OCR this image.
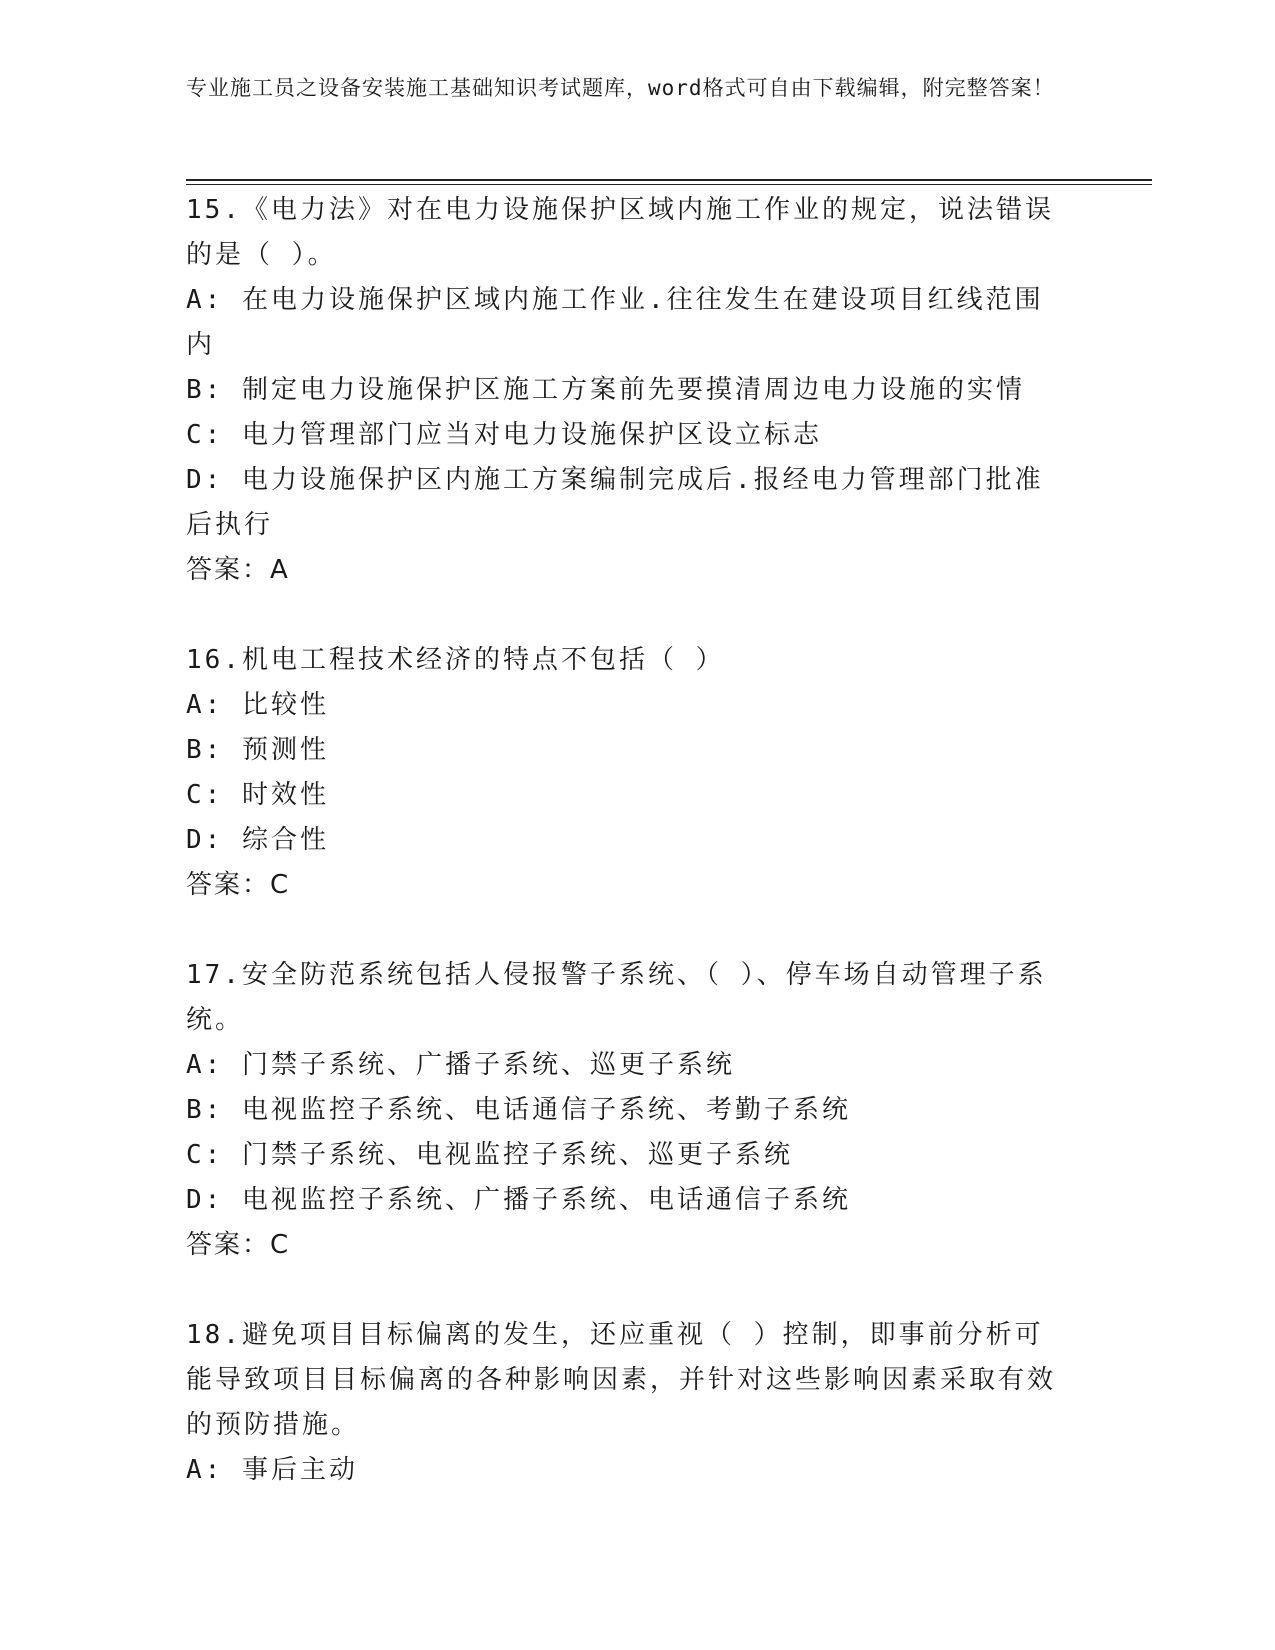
专业施工员之设备安装施工基础知识考试题库，word格式可自由下载编辑，附完整答案！
15.《电力法》对在电力设施保护区域内施工作业的规定，说法错误的是（ ）。
A: 在电力设施保护区域内施工作业.往往发生在建设项目红线范围内
B: 制定电力设施保护区施工方案前先要摸清周边电力设施的实情
C: 电力管理部门应当对电力设施保护区设立标志
D: 电力设施保护区内施工方案编制完成后.报经电力管理部门批准后执行
答案：A
16.机电工程技术经济的特点不包括（ ）
A: 比较性
B: 预测性
C: 时效性
D: 综合性
答案：C
17.安全防范系统包括人侵报警子系统、（ ）、停车场自动管理子系统。
A: 门禁子系统、广播子系统、巡更子系统
B: 电视监控子系统、电话通信子系统、考勤子系统
C: 门禁子系统、电视监控子系统、巡更子系统
D: 电视监控子系统、广播子系统、电话通信子系统
答案：C
18.避免项目目标偏离的发生，还应重视（ ）控制，即事前分析可能导致项目目标偏离的各种影响因素，并针对这些影响因素采取有效的预防措施。
A: 事后主动
